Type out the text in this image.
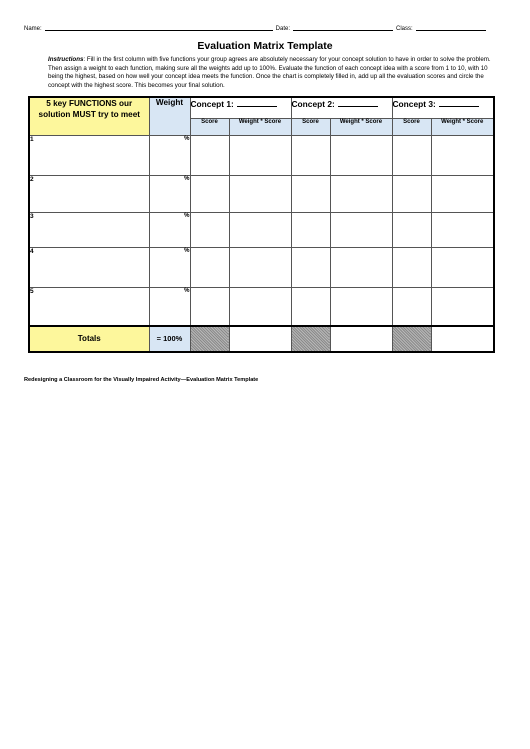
Name:	Date:	Class:
Evaluation Matrix Template

Instructions: Fill in the first column with five functions your group agrees are absolutely necessary for your concept solution to have in order to solve the problem. Then assign a weight to each function, making sure all the weights add up to 100%. Evaluate the function of each concept idea with a score from 1 to 10, with 10 being the highest, based on how well your concept idea meets the function. Once the chart is completely filled in, add up all the evaluation scores and circle the concept with the highest score. This becomes your final solution.

5 key FUNCTIONS our solution MUST try to meet	Weight	Concept 1:		Concept 2:		Concept 3:	
		Score	Weight * Score	Score	Weight * Score	Score	Weight * Score
1	%						
2	%						
3	%						
4	%						
5	%						
Totals	= 100%						
Redesigning a Classroom for the Visually Impaired Activity—Evaluation Matrix Template
